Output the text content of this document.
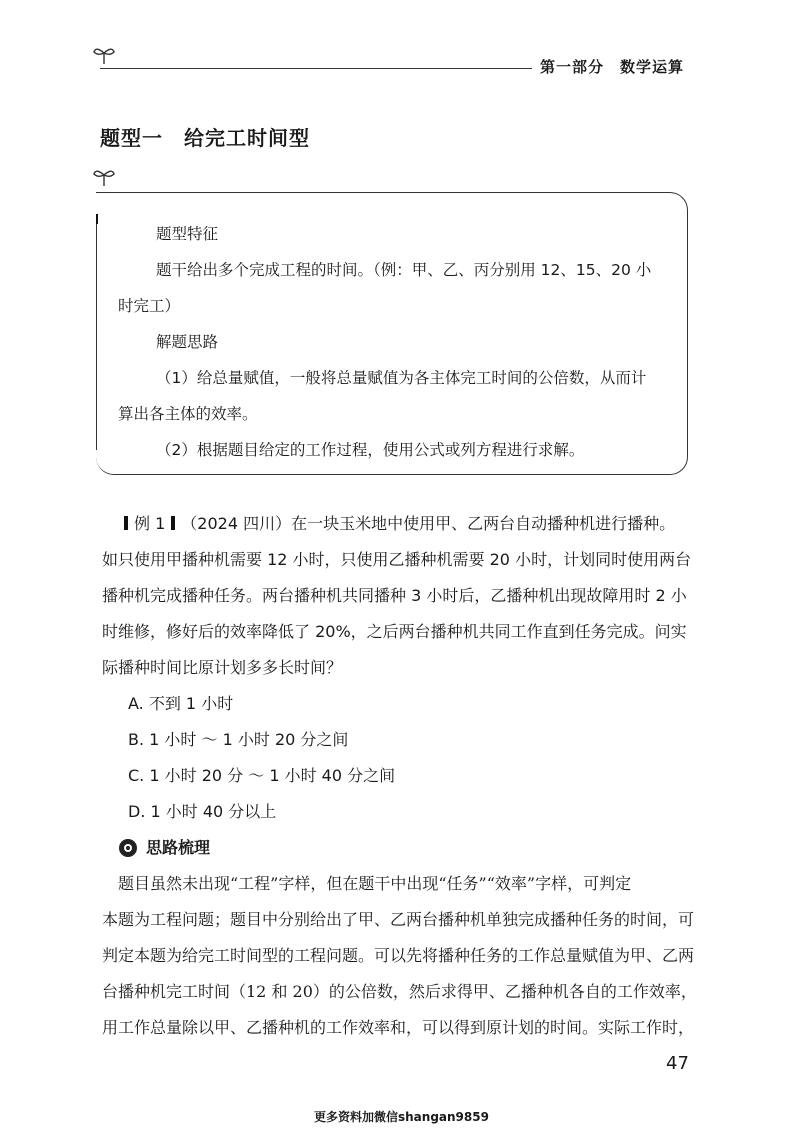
第一部分　数学运算
题型一　给完工时间型

题型特征

题干给出多个完成工程的时间。（例：甲、乙、丙分别用 12、15、20 小

时完工）

解题思路

（1）给总量赋值，一般将总量赋值为各主体完工时间的公倍数，从而计

算出各主体的效率。

（2）根据题目给定的工作过程，使用公式或列方程进行求解。

例 1 （2024 四川）在一块玉米地中使用甲、乙两台自动播种机进行播种。

如只使用甲播种机需要 12 小时，只使用乙播种机需要 20 小时，计划同时使用两台

播种机完成播种任务。两台播种机共同播种 3 小时后，乙播种机出现故障用时 2 小

时维修，修好后的效率降低了 20%，之后两台播种机共同工作直到任务完成。问实

际播种时间比原计划多多长时间？

A. 不到 1 小时

B. 1 小时 ～ 1 小时 20 分之间

C. 1 小时 20 分 ～ 1 小时 40 分之间

D. 1 小时 40 分以上

思路梳理

题目虽然未出现“工程”字样，但在题干中出现“任务”“效率”字样，可判定

本题为工程问题；题目中分别给出了甲、乙两台播种机单独完成播种任务的时间，可

判定本题为给完工时间型的工程问题。可以先将播种任务的工作总量赋值为甲、乙两

台播种机完工时间（12 和 20）的公倍数，然后求得甲、乙播种机各自的工作效率，

用工作总量除以甲、乙播种机的工作效率和，可以得到原计划的时间。实际工作时，

47
更多资料加微信shangan9859
